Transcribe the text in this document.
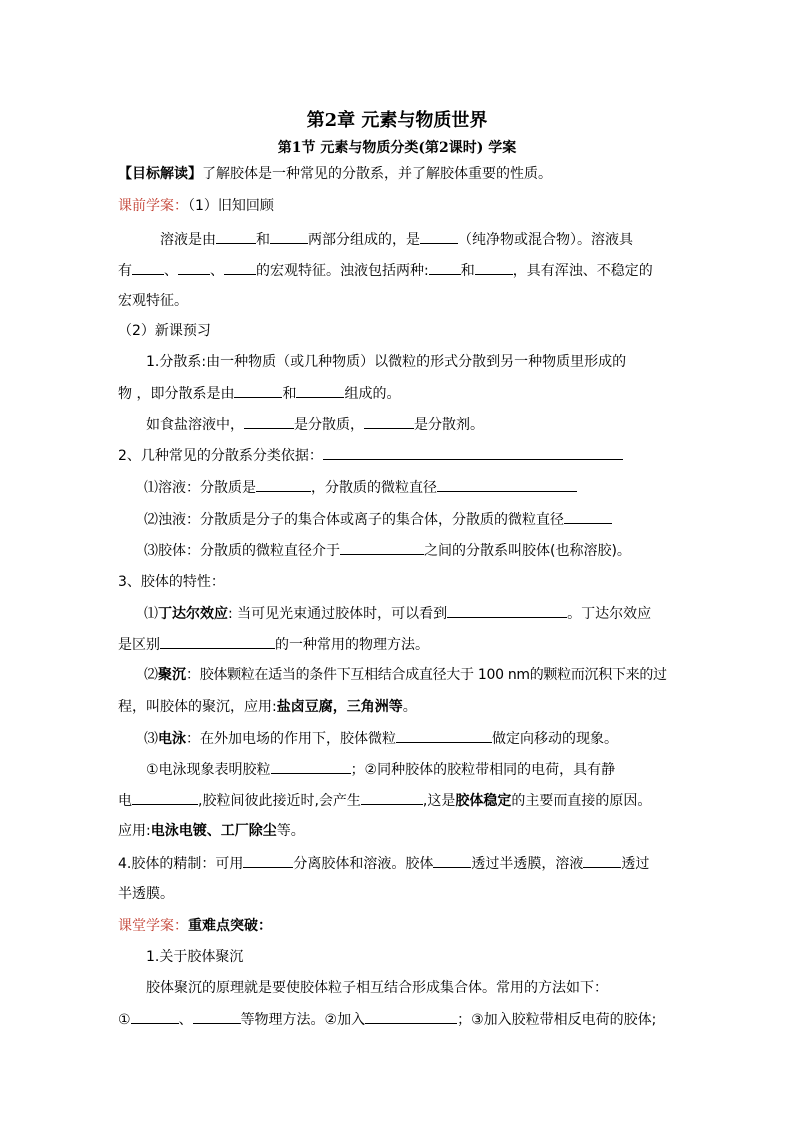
第2章 元素与物质世界
第1节 元素与物质分类(第2课时) 学案
【目标解读】了解胶体是一种常见的分散系，并了解胶体重要的性质。
课前学案：（1）旧知回顾
溶液是由	和	两部分组成的，是	（纯净物或混合物）。溶液具
有 、 、 的宏观特征。浊液包括两种: 和	，具有浑浊、不稳定的
宏观特征。
（2）新课预习
1.分散系:由一种物质（或几种物质）以微粒的形式分散到另一种物质里形成的
物 ，即分散系是由	和	组成的。
如食盐溶液中，	是分散质，	是分散剂。
2、几种常见的分散系分类依据：
⑴溶液：分散质是	，分散质的微粒直径
⑵浊液：分散质是分子的集合体或离子的集合体，分散质的微粒直径
⑶胶体：分散质的微粒直径介于	之间的分散系叫胶体(也称溶胶)。
3、胶体的特性：
⑴丁达尔效应: 当可见光束通过胶体时，可以看到	。丁达尔效应
是区别	的一种常用的物理方法。
⑵聚沉：胶体颗粒在适当的条件下互相结合成直径大于 100 nm的颗粒而沉积下来的过
程，叫胶体的聚沉，应用:盐卤豆腐，三角洲等。
⑶电泳：在外加电场的作用下，胶体微粒	做定向移动的现象。
①电泳现象表明胶粒	；②同种胶体的胶粒带相同的电荷，具有静
电	,胶粒间彼此接近时,会产生	,这是胶体稳定的主要而直接的原因。
应用:电泳电镀、工厂除尘等。
4.胶体的精制：可用	分离胶体和溶液。胶体	透过半透膜，溶液	透过
半透膜。
课堂学案：重难点突破：
1.关于胶体聚沉
胶体聚沉的原理就是要使胶体粒子相互结合形成集合体。常用的方法如下：
①	、	等物理方法。②加入	；③加入胶粒带相反电荷的胶体;
